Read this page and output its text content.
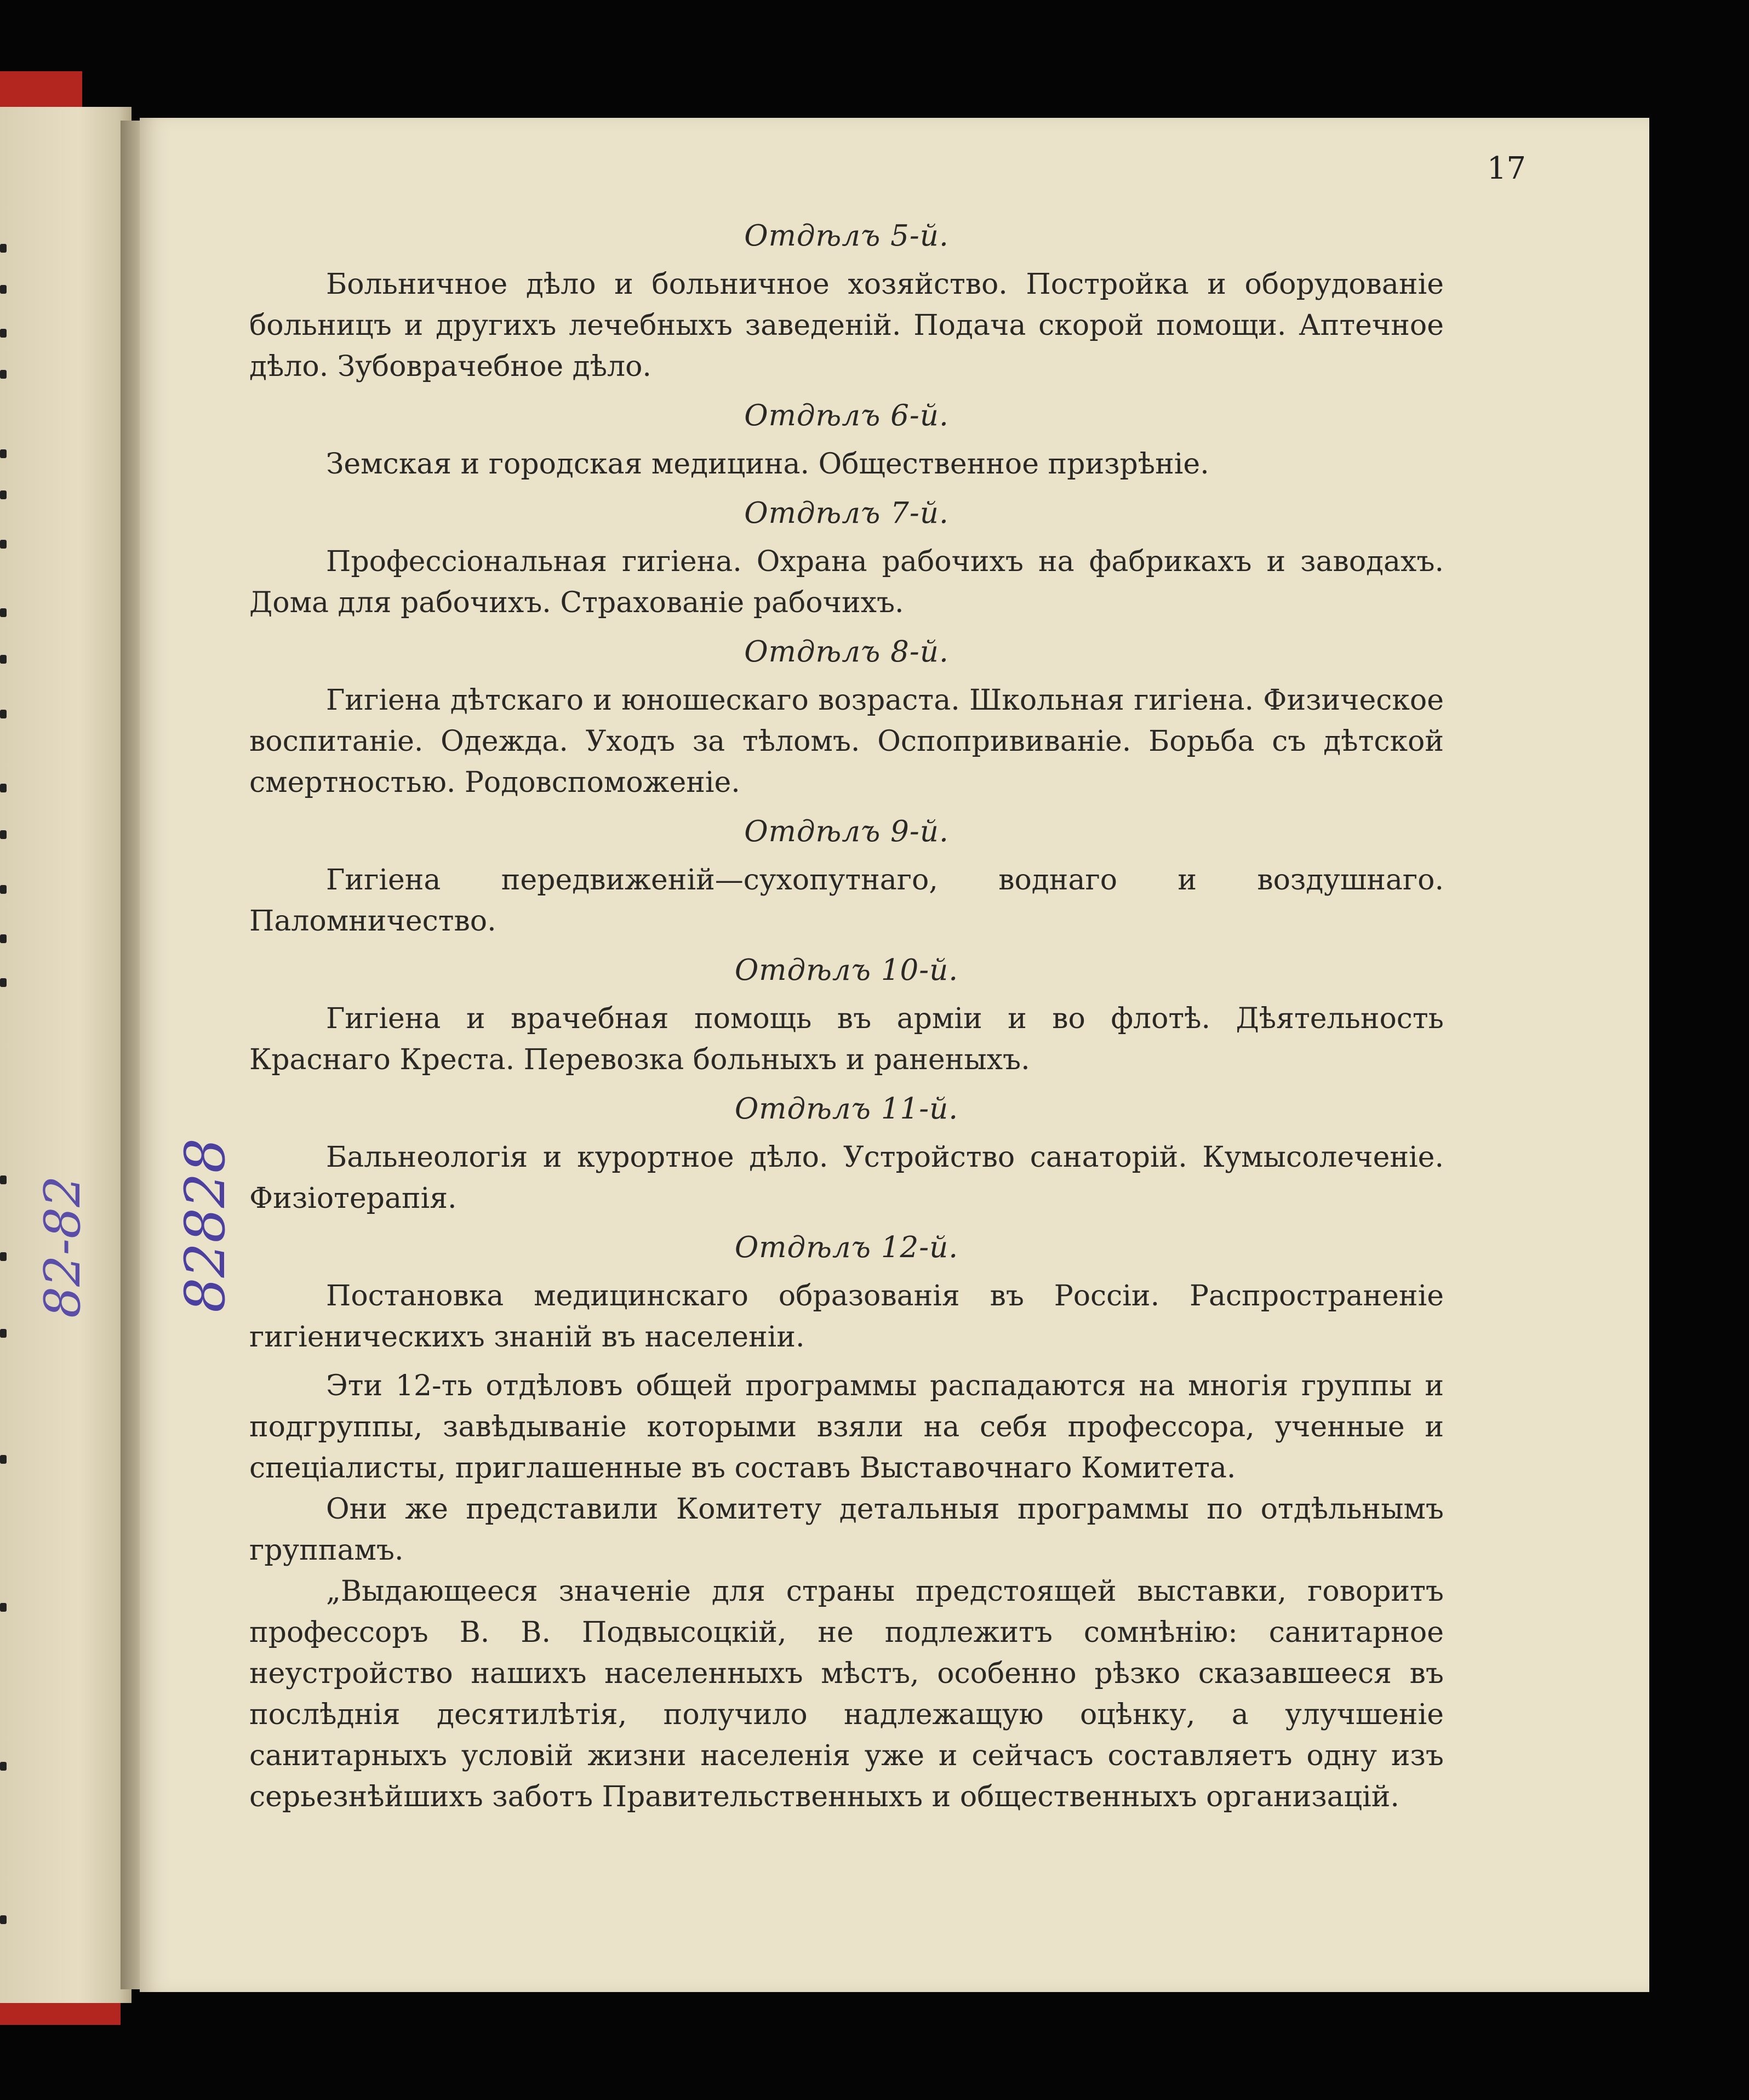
82-82
17
82828

Отдѣлъ 5-й.

Больничное дѣло и больничное хозяйство. Постройка и оборудованіе больницъ и другихъ лечебныхъ заведеній. Подача скорой помощи. Аптечное дѣло. Зубоврачебное дѣло.

Отдѣлъ 6-й.

Земская и городская медицина. Общественное призрѣніе.

Отдѣлъ 7-й.

Профессіональная гигіена. Охрана рабочихъ на фабрикахъ и заводахъ. Дома для рабочихъ. Страхованіе рабочихъ.

Отдѣлъ 8-й.

Гигіена дѣтскаго и юношескаго возраста. Школьная гигіена. Физическое воспитаніе. Одежда. Уходъ за тѣломъ. Оспопрививаніе. Борьба съ дѣтской смертностью. Родовспоможеніе.

Отдѣлъ 9-й.

Гигіена передвиженій—сухопутнаго, воднаго и воздушнаго. Паломничество.

Отдѣлъ 10-й.

Гигіена и врачебная помощь въ арміи и во флотѣ. Дѣятельность Краснаго Креста. Перевозка больныхъ и раненыхъ.

Отдѣлъ 11-й.

Бальнеологія и курортное дѣло. Устройство санаторій. Кумысолеченіе. Физіотерапія.

Отдѣлъ 12-й.

Постановка медицинскаго образованія въ Россіи. Распространеніе гигіеническихъ знаній въ населеніи.

Эти 12-ть отдѣловъ общей программы распадаются на многія группы и подгруппы, завѣдываніе которыми взяли на себя профессора, ученные и спеціалисты, приглашенные въ составъ Выставочнаго Комитета.

Они же представили Комитету детальныя программы по отдѣльнымъ группамъ.

„Выдающееся значеніе для страны предстоящей выставки, говоритъ профессоръ В. В. Подвысоцкій, не подлежитъ сомнѣнію: санитарное неустройство нашихъ населенныхъ мѣстъ, особенно рѣзко сказавшееся въ послѣднія десятилѣтія, получило надлежащую оцѣнку, а улучшеніе санитарныхъ условій жизни населенія уже и сейчасъ составляетъ одну изъ серьезнѣйшихъ заботъ Правительственныхъ и общественныхъ организацій.
